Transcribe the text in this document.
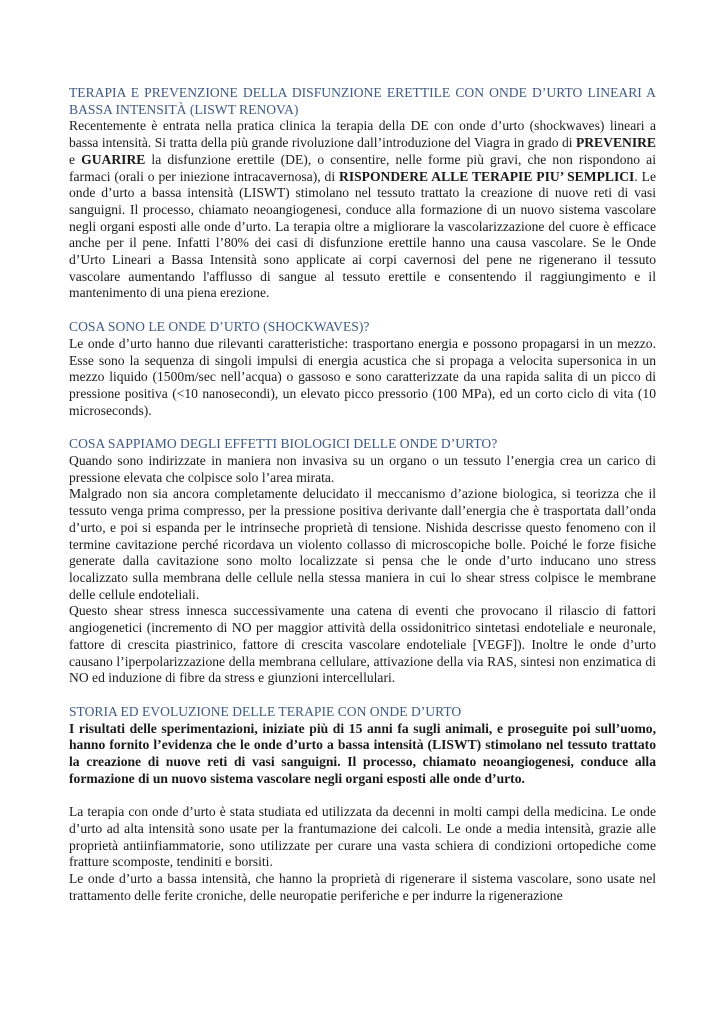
TERAPIA E PREVENZIONE DELLA DISFUNZIONE ERETTILE CON ONDE D’URTO LINEARI A BASSA INTENSITÀ (LISWT RENOVA)

Recentemente è entrata nella pratica clinica la terapia della DE con onde d’urto (shockwaves) lineari a bassa intensità. Si tratta della più grande rivoluzione dall’introduzione del Viagra in grado di PREVENIRE e GUARIRE la disfunzione erettile (DE), o consentire, nelle forme più gravi, che non rispondono ai farmaci (orali o per iniezione intracavernosa), di RISPONDERE ALLE TERAPIE PIU’ SEMPLICI. Le onde d’urto a bassa intensità (LISWT) stimolano nel tessuto trattato la creazione di nuove reti di vasi sanguigni. Il processo, chiamato neoangiogenesi, conduce alla formazione di un nuovo sistema vascolare negli organi esposti alle onde d’urto. La terapia oltre a migliorare la vascolarizzazione del cuore è efficace anche per il pene. Infatti l’80% dei casi di disfunzione erettile hanno una causa vascolare. Se le Onde d’Urto Lineari a Bassa Intensità sono applicate ai corpi cavernosi del pene ne rigenerano il tessuto vascolare aumentando l'afflusso di sangue al tessuto erettile e consentendo il raggiungimento e il mantenimento di una piena erezione.

COSA SONO LE ONDE D’URTO (SHOCKWAVES)?

Le onde d’urto hanno due rilevanti caratteristiche: trasportano energia e possono propagarsi in un mezzo. Esse sono la sequenza di singoli impulsi di energia acustica che si propaga a velocita supersonica in un mezzo liquido (1500m/sec nell’acqua) o gassoso e sono caratterizzate da una rapida salita di un picco di pressione positiva (<10 nanosecondi), un elevato picco pressorio (100 MPa), ed un corto ciclo di vita (10 microseconds).

COSA SAPPIAMO DEGLI EFFETTI BIOLOGICI DELLE ONDE D’URTO?

Quando sono indirizzate in maniera non invasiva su un organo o un tessuto l’energia crea un carico di pressione elevata che colpisce solo l’area mirata.

Malgrado non sia ancora completamente delucidato il meccanismo d’azione biologica, si teorizza che il tessuto venga prima compresso, per la pressione positiva derivante dall’energia che è trasportata dall’onda d’urto, e poi si espanda per le intrinseche proprietà di tensione. Nishida descrisse questo fenomeno con il termine cavitazione perché ricordava un violento collasso di microscopiche bolle. Poiché le forze fisiche generate dalla cavitazione sono molto localizzate si pensa che le onde d’urto inducano uno stress localizzato sulla membrana delle cellule nella stessa maniera in cui lo shear stress colpisce le membrane delle cellule endoteliali.

Questo shear stress innesca successivamente una catena di eventi che provocano il rilascio di fattori angiogenetici (incremento di NO per maggior attività della ossidonitrico sintetasi endoteliale e neuronale, fattore di crescita piastrinico, fattore di crescita vascolare endoteliale [VEGF]). Inoltre le onde d’urto causano l’iperpolarizzazione della membrana cellulare, attivazione della via RAS, sintesi non enzimatica di NO ed induzione di fibre da stress e giunzioni intercellulari.

STORIA ED EVOLUZIONE DELLE TERAPIE CON ONDE D’URTO

I risultati delle sperimentazioni, iniziate più di 15 anni fa sugli animali, e proseguite poi sull’uomo, hanno fornito l’evidenza che le onde d’urto a bassa intensità (LISWT) stimolano nel tessuto trattato la creazione di nuove reti di vasi sanguigni. Il processo, chiamato neoangiogenesi, conduce alla formazione di un nuovo sistema vascolare negli organi esposti alle onde d’urto.

La terapia con onde d’urto è stata studiata ed utilizzata da decenni in molti campi della medicina. Le onde d’urto ad alta intensità sono usate per la frantumazione dei calcoli. Le onde a media intensità, grazie alle proprietà antiinfiammatorie, sono utilizzate per curare una vasta schiera di condizioni ortopediche come fratture scomposte, tendiniti e borsiti.

Le onde d’urto a bassa intensità, che hanno la proprietà di rigenerare il sistema vascolare, sono usate nel trattamento delle ferite croniche, delle neuropatie periferiche e per indurre la rigenerazione
